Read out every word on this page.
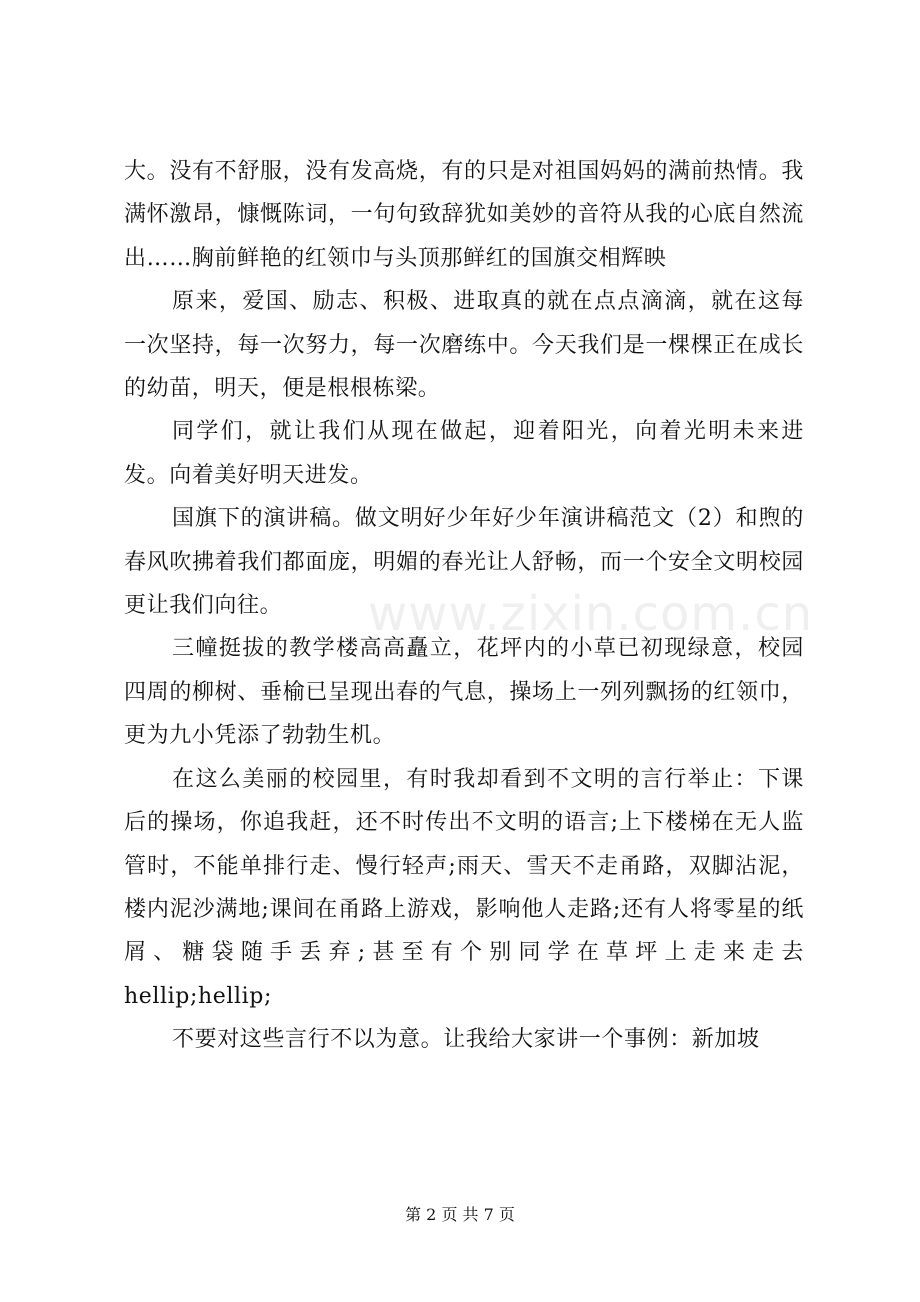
大。没有不舒服，没有发高烧，有的只是对祖国妈妈的满前热情。我满怀激昂，慷慨陈词，一句句致辞犹如美妙的音符从我的心底自然流出……胸前鲜艳的红领巾与头顶那鲜红的国旗交相辉映

原来，爱国、励志、积极、进取真的就在点点滴滴，就在这每一次坚持，每一次努力，每一次磨练中。今天我们是一棵棵正在成长的幼苗，明天，便是根根栋梁。

同学们，就让我们从现在做起，迎着阳光，向着光明未来进发。向着美好明天进发。

国旗下的演讲稿。做文明好少年好少年演讲稿范文（2）和煦的春风吹拂着我们都面庞，明媚的春光让人舒畅，而一个安全文明校园更让我们向往。

三幢挺拔的教学楼高高矗立，花坪内的小草已初现绿意，校园四周的柳树、垂榆已呈现出春的气息，操场上一列列飘扬的红领巾，更为九小凭添了勃勃生机。

在这么美丽的校园里，有时我却看到不文明的言行举止：下课后的操场，你追我赶，还不时传出不文明的语言;上下楼梯在无人监管时，不能单排行走、慢行轻声;雨天、雪天不走甬路，双脚沾泥，楼内泥沙满地;课间在甬路上游戏，影响他人走路;还有人将零星的纸屑、糖袋随手丢弃;甚至有个别同学在草坪上走来走去 hellip;hellip;

不要对这些言行不以为意。让我给大家讲一个事例：新加坡

www.zixin.com.cn
第 2 页 共 7 页
